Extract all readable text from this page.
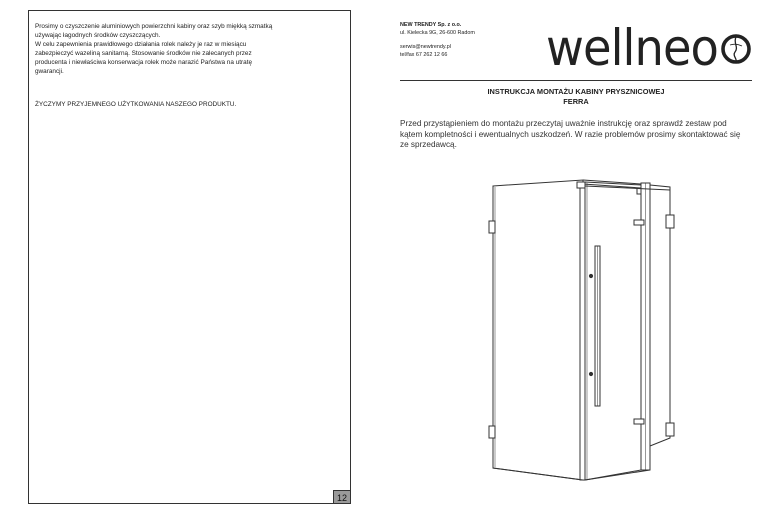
Prosimy o czyszczenie aluminiowych powierzchni kabiny oraz szyb miękką szmatką
używając łagodnych środków czyszczących.
W celu zapewnienia prawidłowego działania rolek należy je raz w miesiącu
zabezpieczyć wazeliną sanitarną. Stosowanie środków nie zalecanych przez
producenta i niewłaściwa konserwacja rolek może narazić Państwa na utratę
gwarancji.

ŻYCZYMY PRZYJEMNEGO UŻYTKOWANIA NASZEGO PRODUKTU.

12
NEW TRENDY Sp. z o.o.
ul. Kielecka 9G, 26-600 Radom
serwis@newtrendy.pl
tel/fax 67 262 12 66	wellneo

INSTRUKCJA MONTAŻU KABINY PRYSZNICOWEJ

FERRA

Przed przystąpieniem do montażu przeczytaj uważnie instrukcję oraz sprawdź zestaw pod kątem kompletności i ewentualnych uszkodzeń. W razie problemów prosimy skontaktować się ze sprzedawcą.
